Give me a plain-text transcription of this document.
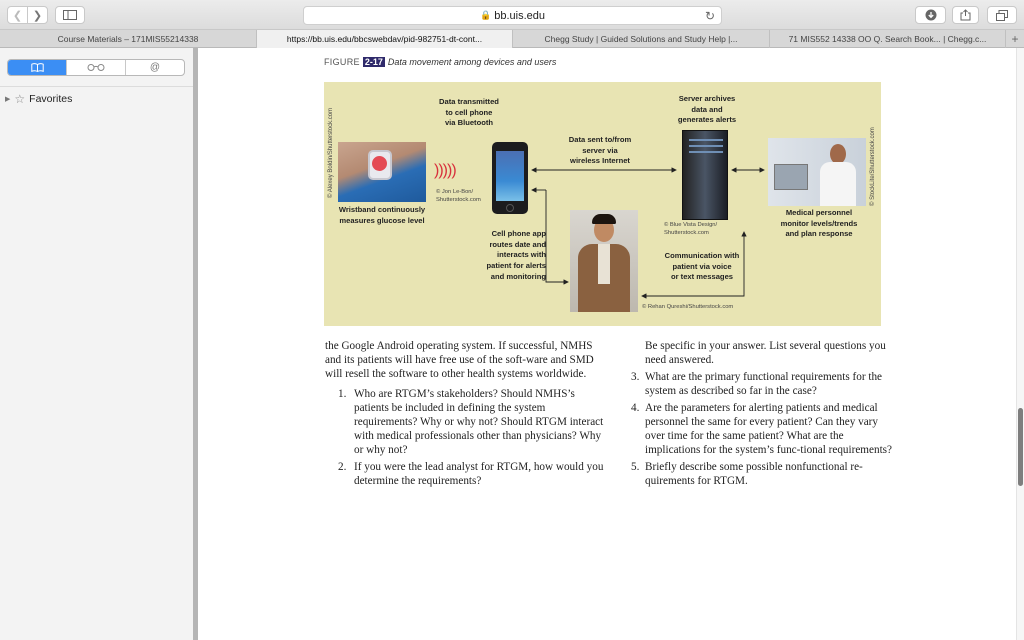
❮ ❯	🔒 bb.uis.edu	↻
Course Materials – 171MIS55214338	https://bb.uis.edu/bbcswebdav/pid-982751-dt-cont...	Chegg Study | Guided Solutions and Study Help |...	71 MIS552 14338 OO Q. Search Book... | Chegg.c... +
@
▶ ☆ Favorites
FIGURE 2-17 Data movement among devices and users
)))))
Data transmitted
to cell phone
via Bluetooth
Server archives
data and
generates alerts
Data sent to/from
server via
wireless Internet
Wristband continuously
measures glucose level
Cell phone app
routes date and
interacts with
patient for alerts
and monitoring
Communication with
patient via voice
or text messages
Medical personnel
monitor levels/trends
and plan response
© Jon Le-Bon/
Shutterstock.com
© Blue Vista Design/
Shutterstock.com
© Rehan Qureshi/Shutterstock.com
© Alexey Boldin/Shutterstock.com	© StockLite/Shutterstock.com

the Google Android operating system. If successful, NMHS and its patients will have free use of the soft-ware and SMD will resell the software to other health systems worldwide.

1. Who are RTGM’s stakeholders? Should NMHS’s patients be included in defining the system requirements? Why or why not? Should RTGM interact with medical professionals other than physicians? Why or why not?
2. If you were the lead analyst for RTGM, how would you determine the requirements?

Be specific in your answer. List several questions you need answered.

3. What are the primary functional requirements for the system as described so far in the case?
4. Are the parameters for alerting patients and medical personnel the same for every patient? Can they vary over time for the same patient? What are the implications for the system’s func-tional requirements?
5. Briefly describe some possible nonfunctional re-quirements for RTGM.
